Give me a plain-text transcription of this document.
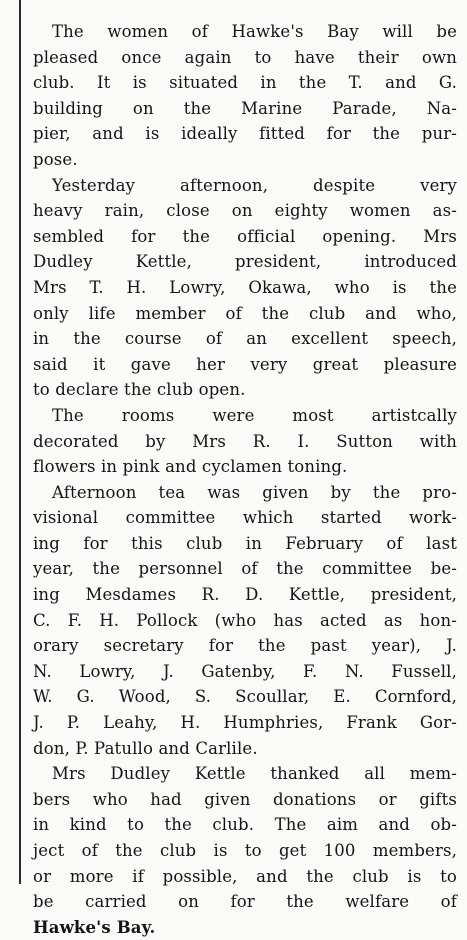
The women of Hawke's Bay will be
pleased once again to have their own
club. It is situated in the T. and G.
building on the Marine Parade, Na-
pier, and is ideally fitted for the pur-
pose.
Yesterday afternoon, despite very
heavy rain, close on eighty women as-
sembled for the official opening. Mrs
Dudley Kettle, president, introduced
Mrs T. H. Lowry, Okawa, who is the
only life member of the club and who,
in the course of an excellent speech,
said it gave her very great pleasure
to declare the club open.
The rooms were most artistcally
decorated by Mrs R. I. Sutton with
flowers in pink and cyclamen toning.
Afternoon tea was given by the pro-
visional committee which started work-
ing for this club in February of last
year, the personnel of the committee be-
ing Mesdames R. D. Kettle, president,
C. F. H. Pollock (who has acted as hon-
orary secretary for the past year), J.
N. Lowry, J. Gatenby, F. N. Fussell,
W. G. Wood, S. Scoullar, E. Cornford,
J. P. Leahy, H. Humphries, Frank Gor-
don, P. Patullo and Carlile.
Mrs Dudley Kettle thanked all mem-
bers who had given donations or gifts
in kind to the club. The aim and ob-
ject of the club is to get 100 members,
or more if possible, and the club is to
be carried on for the welfare of
Hawke's Bay.
